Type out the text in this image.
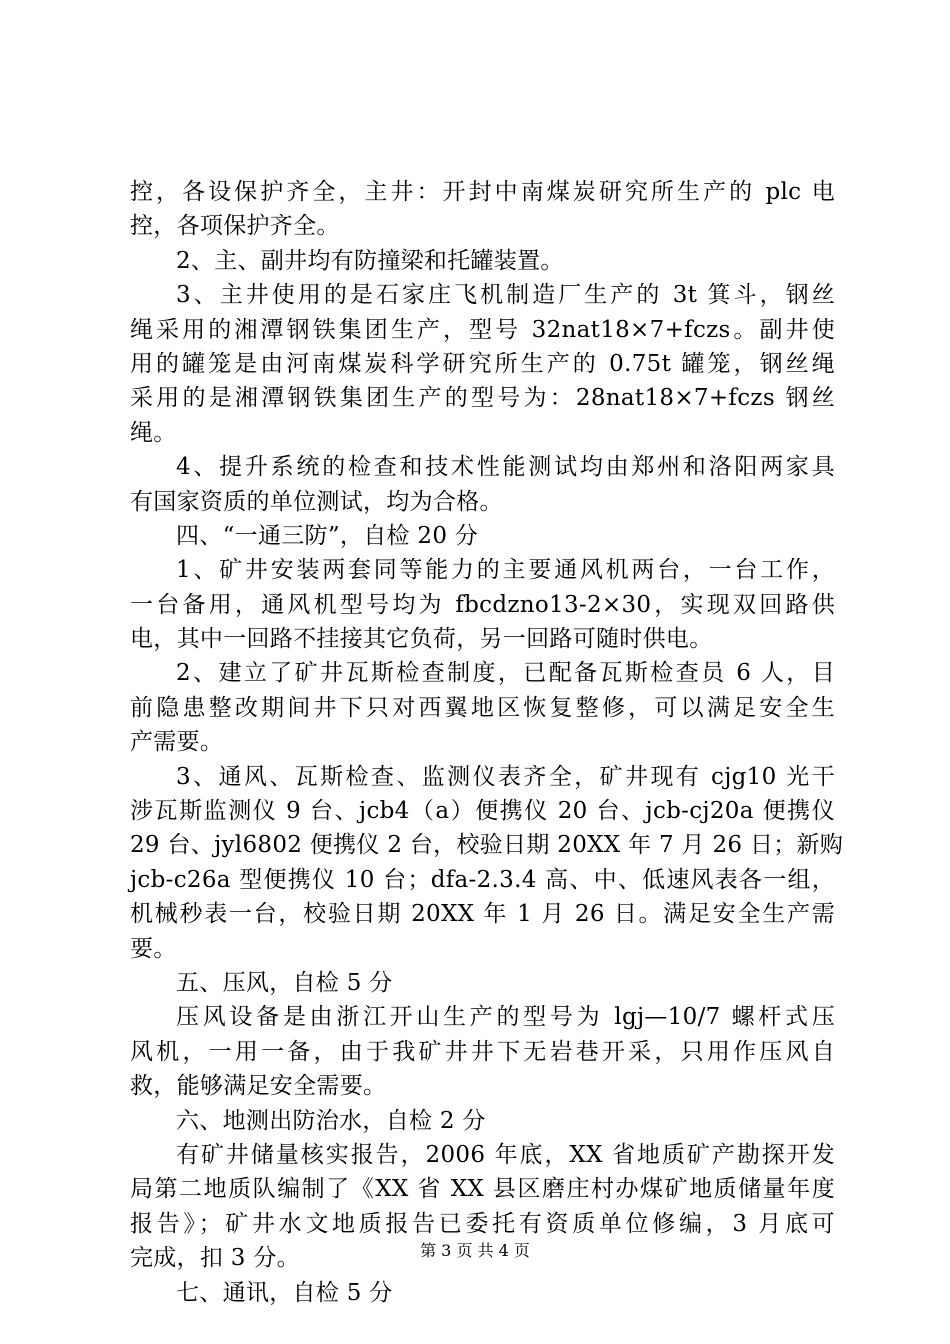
控，各设保护齐全，主井：开封中南煤炭研究所生产的 plc 电
控，各项保护齐全。
2、主、副井均有防撞梁和托罐装置。
3、主井使用的是石家庄飞机制造厂生产的 3t 箕斗，钢丝
绳采用的湘潭钢铁集团生产，型号 32nat18×7+fczs。副井使
用的罐笼是由河南煤炭科学研究所生产的 0.75t 罐笼，钢丝绳
采用的是湘潭钢铁集团生产的型号为：28nat18×7+fczs 钢丝
绳。
4、提升系统的检查和技术性能测试均由郑州和洛阳两家具
有国家资质的单位测试，均为合格。
四、“一通三防”，自检 20 分
1、矿井安装两套同等能力的主要通风机两台，一台工作，
一台备用，通风机型号均为 fbcdzno13-2×30，实现双回路供
电，其中一回路不挂接其它负荷，另一回路可随时供电。
2、建立了矿井瓦斯检查制度，已配备瓦斯检查员 6 人，目
前隐患整改期间井下只对西翼地区恢复整修，可以满足安全生
产需要。
3、通风、瓦斯检查、监测仪表齐全，矿井现有 cjg10 光干
涉瓦斯监测仪 9 台、jcb4（a）便携仪 20 台、jcb-cj20a 便携仪
29 台、jyl6802 便携仪 2 台，校验日期 20XX 年 7 月 26 日；新购
jcb-c26a 型便携仪 10 台；dfa-2.3.4 高、中、低速风表各一组，
机械秒表一台，校验日期 20XX 年 1 月 26 日。满足安全生产需
要。
五、压风，自检 5 分
压风设备是由浙江开山生产的型号为 lgj—10/7 螺杆式压
风机，一用一备，由于我矿井井下无岩巷开采，只用作压风自
救，能够满足安全需要。
六、地测出防治水，自检 2 分
有矿井储量核实报告，2006 年底，XX 省地质矿产勘探开发
局第二地质队编制了《XX 省 XX 县区磨庄村办煤矿地质储量年度
报告》；矿井水文地质报告已委托有资质单位修编，3 月底可
完成，扣 3 分。
七、通讯，自检 5 分
第 3 页 共 4 页
